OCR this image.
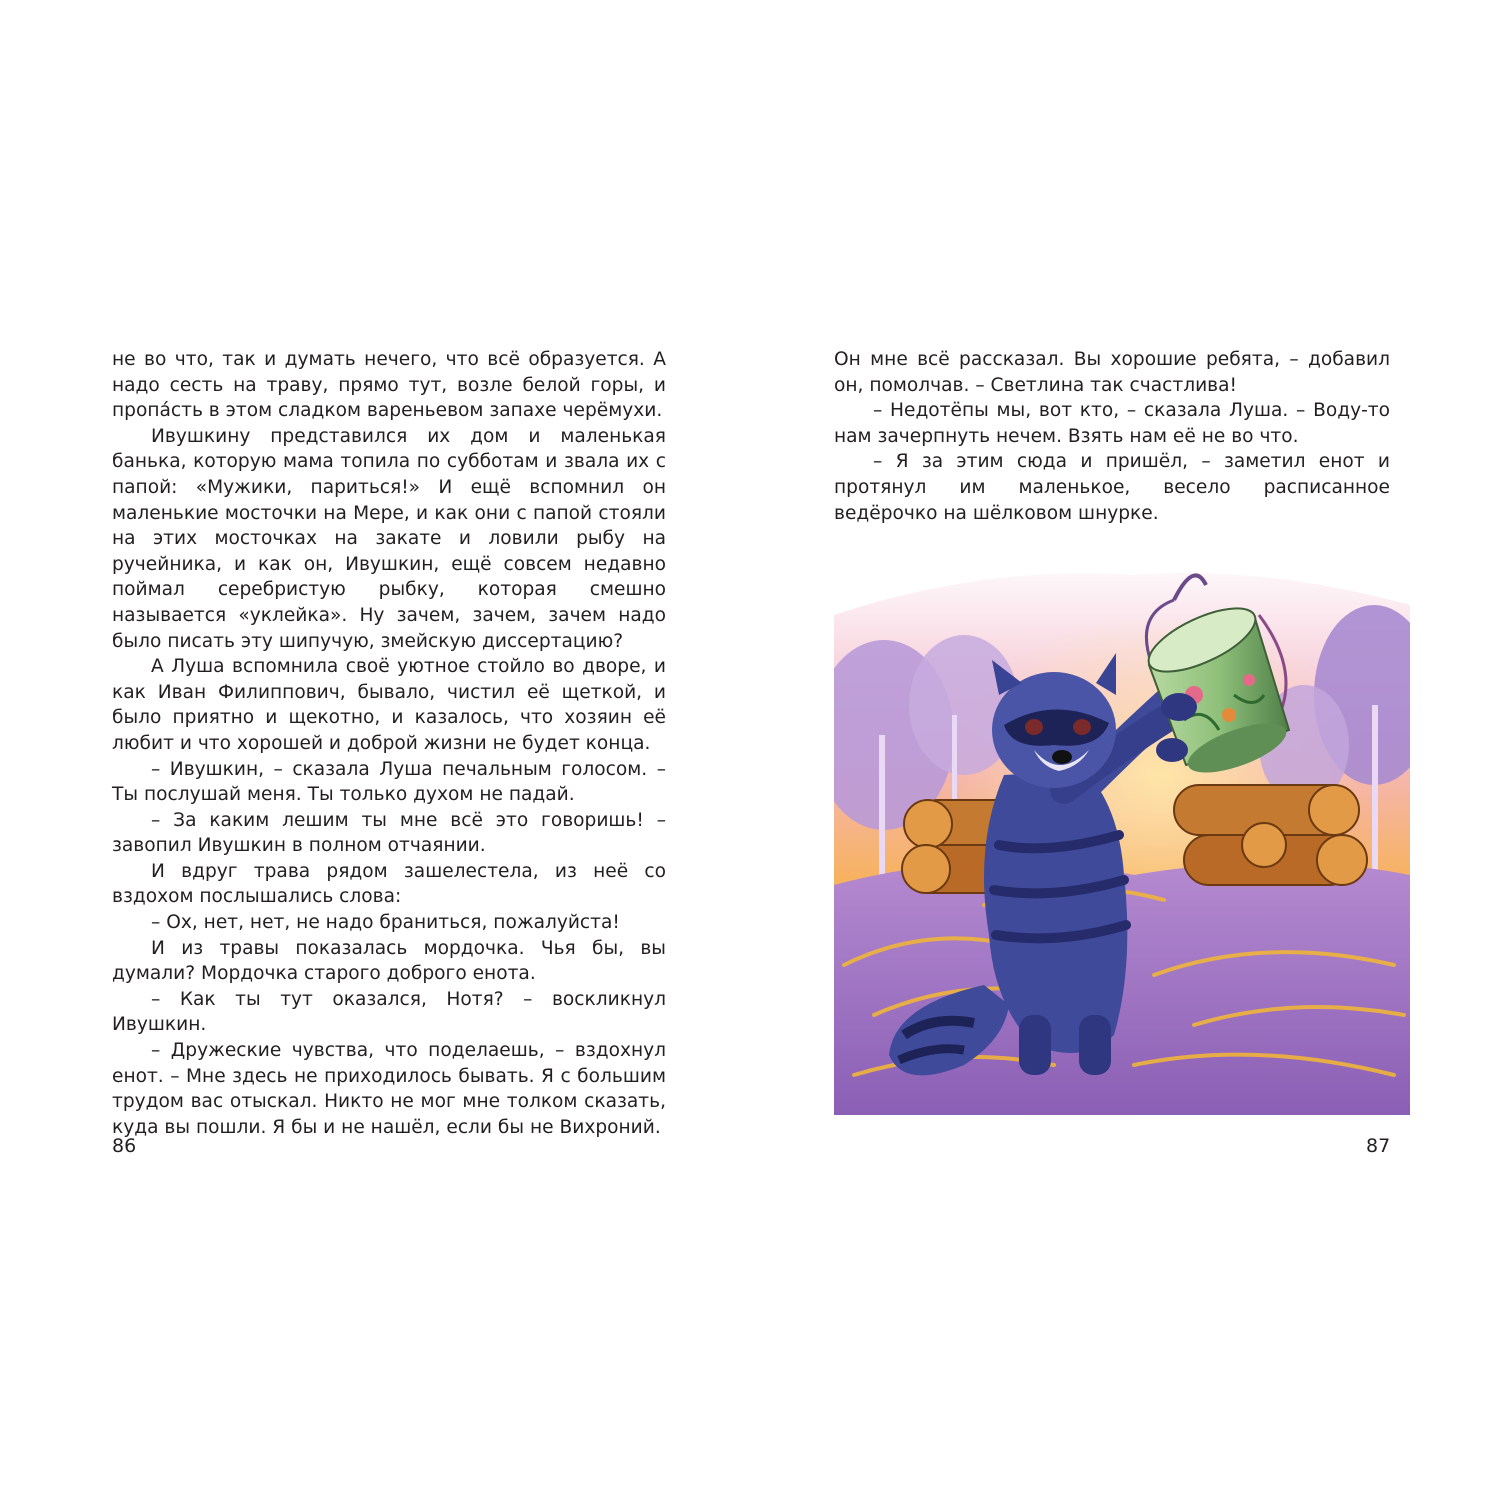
не во что, так и думать нечего, что всё образуется. А надо сесть на траву, прямо тут, возле белой горы, и пропáсть в этом сладком вареньевом запахе черёмухи.

Ивушкину представился их дом и маленькая банька, которую мама топила по субботам и звала их с папой: «Мужики, париться!» И ещё вспомнил он маленькие мосточки на Мере, и как они с папой стояли на этих мосточках на закате и ловили рыбу на ручейника, и как он, Ивушкин, ещё совсем недавно поймал серебристую рыбку, которая смешно называется «уклейка». Ну зачем, зачем, зачем надо было писать эту шипучую, змейскую диссертацию?

А Луша вспомнила своё уютное стойло во дворе, и как Иван Филиппович, бывало, чистил её щеткой, и было приятно и щекотно, и казалось, что хозяин её любит и что хорошей и доброй жизни не будет конца.

– Ивушкин, – сказала Луша печальным голосом. – Ты послушай меня. Ты только духом не падай.

– За каким лешим ты мне всё это говоришь! – завопил Ивушкин в полном отчаянии.

И вдруг трава рядом зашелестела, из неё со вздохом послышались слова:

– Ох, нет, нет, не надо браниться, пожалуйста!

И из травы показалась мордочка. Чья бы, вы думали? Мордочка старого доброго енота.

– Как ты тут оказался, Нотя? – воскликнул Ивушкин.

– Дружеские чувства, что поделаешь, – вздохнул енот. – Мне здесь не приходилось бывать. Я с большим трудом вас отыскал. Никто не мог мне толком сказать, куда вы пошли. Я бы и не нашёл, если бы не Вихроний.

86

Он мне всё рассказал. Вы хорошие ребята, – добавил он, помолчав. – Светлина так счастлива!

– Недотёпы мы, вот кто, – сказала Луша. – Воду-то нам зачерпнуть нечем. Взять нам её не во что.

– Я за этим сюда и пришёл, – заметил енот и протянул им маленькое, весело расписанное ведёрочко на шёлковом шнурке.

87
